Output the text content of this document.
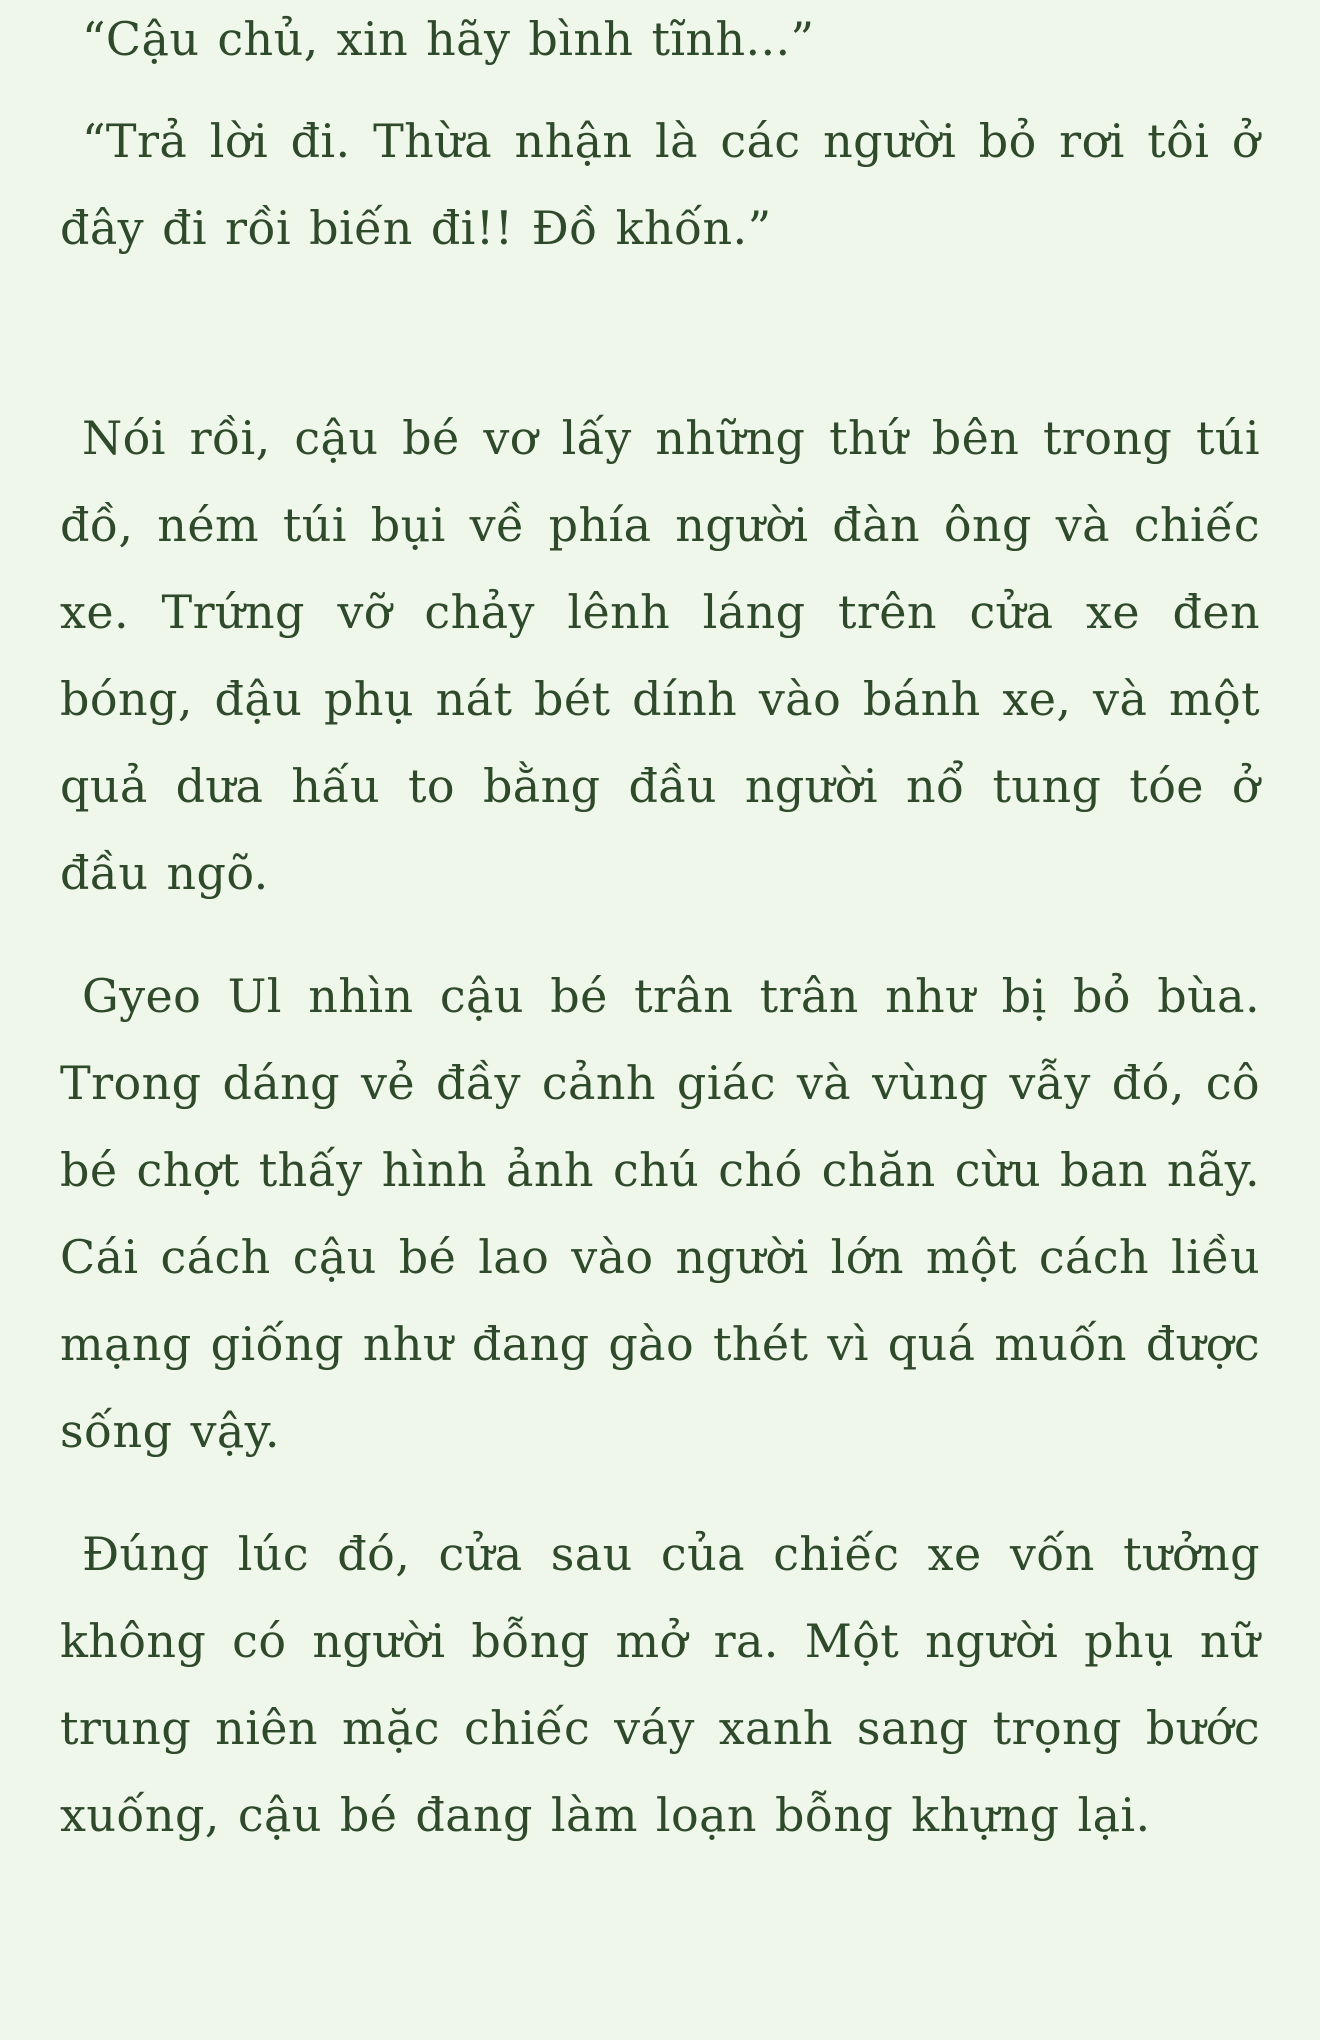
“Cậu chủ, xin hãy bình tĩnh...”

“Trả lời đi. Thừa nhận là các người bỏ rơi tôi ở đây đi rồi biến đi!! Đồ khốn.”

Nói rồi, cậu bé vơ lấy những thứ bên trong túi đồ, ném túi bụi về phía người đàn ông và chiếc xe. Trứng vỡ chảy lênh láng trên cửa xe đen bóng, đậu phụ nát bét dính vào bánh xe, và một quả dưa hấu to bằng đầu người nổ tung tóe ở đầu ngõ.

Gyeo Ul nhìn cậu bé trân trân như bị bỏ bùa. Trong dáng vẻ đầy cảnh giác và vùng vẫy đó, cô bé chợt thấy hình ảnh chú chó chăn cừu ban nãy. Cái cách cậu bé lao vào người lớn một cách liều mạng giống như đang gào thét vì quá muốn được sống vậy.

Đúng lúc đó, cửa sau của chiếc xe vốn tưởng không có người bỗng mở ra. Một người phụ nữ trung niên mặc chiếc váy xanh sang trọng bước xuống, cậu bé đang làm loạn bỗng khựng lại.
